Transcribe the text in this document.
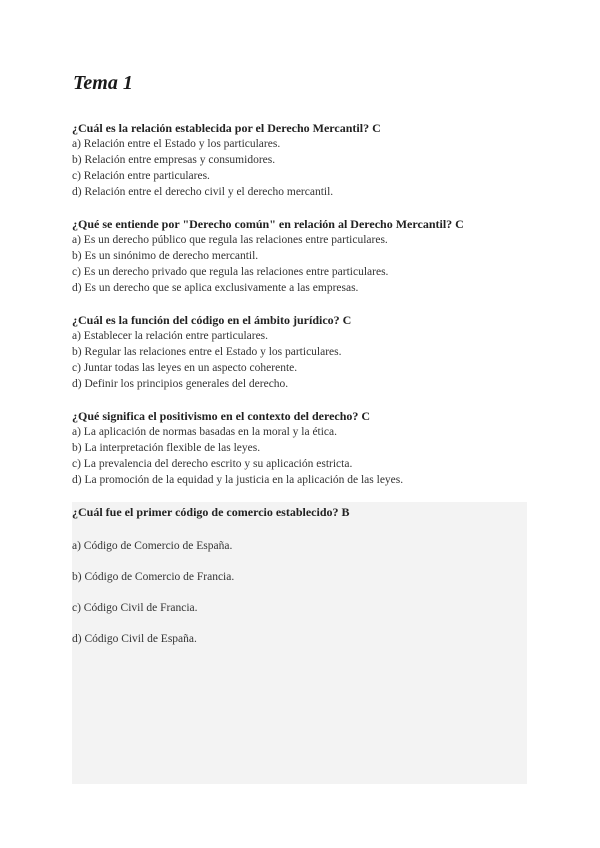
Tema 1

¿Cuál es la relación establecida por el Derecho Mercantil? C

a) Relación entre el Estado y los particulares.

b) Relación entre empresas y consumidores.

c) Relación entre particulares.

d) Relación entre el derecho civil y el derecho mercantil.

¿Qué se entiende por "Derecho común" en relación al Derecho Mercantil? C

a) Es un derecho público que regula las relaciones entre particulares.

b) Es un sinónimo de derecho mercantil.

c) Es un derecho privado que regula las relaciones entre particulares.

d) Es un derecho que se aplica exclusivamente a las empresas.

¿Cuál es la función del código en el ámbito jurídico? C

a) Establecer la relación entre particulares.

b) Regular las relaciones entre el Estado y los particulares.

c) Juntar todas las leyes en un aspecto coherente.

d) Definir los principios generales del derecho.

¿Qué significa el positivismo en el contexto del derecho? C

a) La aplicación de normas basadas en la moral y la ética.

b) La interpretación flexible de las leyes.

c) La prevalencia del derecho escrito y su aplicación estricta.

d) La promoción de la equidad y la justicia en la aplicación de las leyes.

¿Cuál fue el primer código de comercio establecido? B

a) Código de Comercio de España.

b) Código de Comercio de Francia.

c) Código Civil de Francia.

d) Código Civil de España.
